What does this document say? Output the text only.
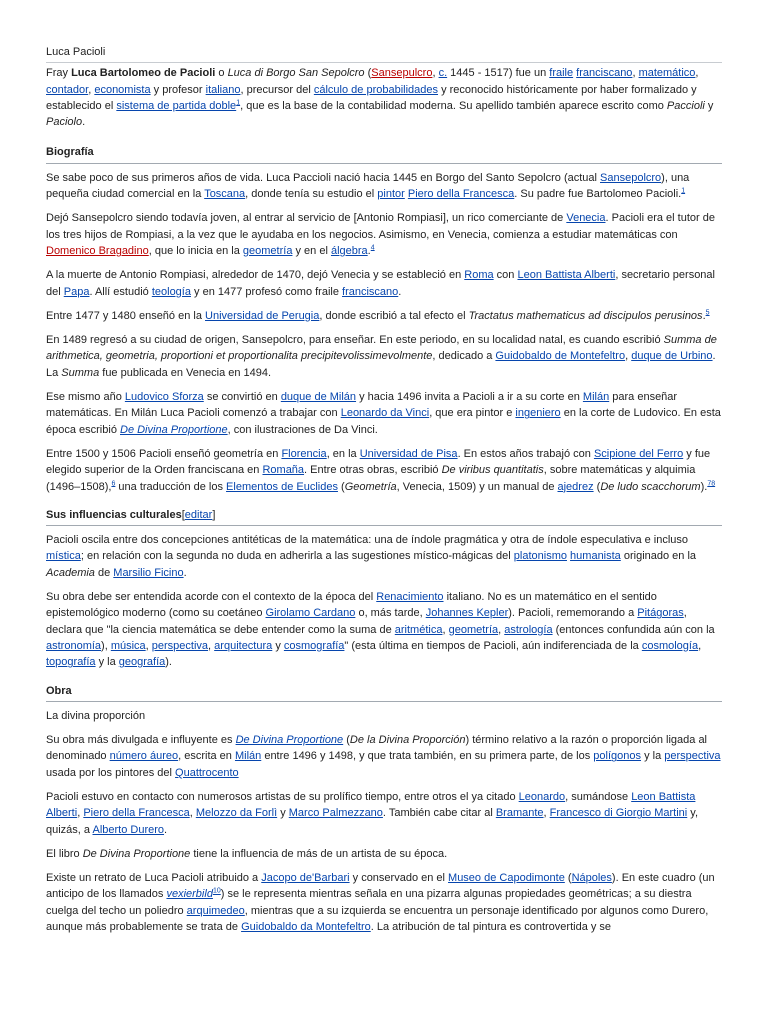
Luca Pacioli

Fray Luca Bartolomeo de Pacioli o Luca di Borgo San Sepolcro (Sansepulcro, c. 1445 - 1517) fue un fraile franciscano, matemático, contador, economista y profesor italiano, precursor del cálculo de probabilidades y reconocido históricamente por haber formalizado y establecido el sistema de partida doble$^1$, que es la base de la contabilidad moderna. Su apellido también aparece escrito como Paccioli y Paciolo.

Biografía

Se sabe poco de sus primeros años de vida. Luca Paccioli nació hacia 1445 en Borgo del Santo Sepolcro (actual Sansepolcro), una pequeña ciudad comercial en la Toscana, donde tenía su estudio el pintor Piero della Francesca. Su padre fue Bartolomeo Pacioli.$^1$

Dejó Sansepolcro siendo todavía joven, al entrar al servicio de [Antonio Rompiasi], un rico comerciante de Venecia. Pacioli era el tutor de los tres hijos de Rompiasi, a la vez que le ayudaba en los negocios. Asimismo, en Venecia, comienza a estudiar matemáticas con Domenico Bragadino, que lo inicia en la geometría y en el álgebra.$^4$

A la muerte de Antonio Rompiasi, alrededor de 1470, dejó Venecia y se estableció en Roma con Leon Battista Alberti, secretario personal del Papa. Allí estudió teología y en 1477 profesó como fraile franciscano.

Entre 1477 y 1480 enseñó en la Universidad de Perugia, donde escribió a tal efecto el Tractatus mathematicus ad discipulos perusinos.$^5$

En 1489 regresó a su ciudad de origen, Sansepolcro, para enseñar. En este periodo, en su localidad natal, es cuando escribió Summa de arithmetica, geometria, proportioni et proportionalita precipitevolissimevolmente, dedicado a Guidobaldo de Montefeltro, duque de Urbino. La Summa fue publicada en Venecia en 1494.

Ese mismo año Ludovico Sforza se convirtió en duque de Milán y hacia 1496 invita a Pacioli a ir a su corte en Milán para enseñar matemáticas. En Milán Luca Pacioli comenzó a trabajar con Leonardo da Vinci, que era pintor e ingeniero en la corte de Ludovico. En esta época escribió De Divina Proportione, con ilustraciones de Da Vinci.

Entre 1500 y 1506 Pacioli enseñó geometría en Florencia, en la Universidad de Pisa. En estos años trabajó con Scipione del Ferro y fue elegido superior de la Orden franciscana en Romaña. Entre otras obras, escribió De viribus quantitatis, sobre matemáticas y alquimia (1496–1508),$^6$ una traducción de los Elementos de Euclides (Geometría, Venecia, 1509) y un manual de ajedrez (De ludo scacchorum).$^{78}$

Sus influencias culturales[editar]

Pacioli oscila entre dos concepciones antitéticas de la matemática: una de índole pragmática y otra de índole especulativa e incluso mística; en relación con la segunda no duda en adherirla a las sugestiones místico-mágicas del platonismo humanista originado en la Academia de Marsilio Ficino.

Su obra debe ser entendida acorde con el contexto de la época del Renacimiento italiano. No es un matemático en el sentido epistemológico moderno (como su coetáneo Girolamo Cardano o, más tarde, Johannes Kepler). Pacioli, rememorando a Pitágoras, declara que "la ciencia matemática se debe entender como la suma de aritmética, geometría, astrología (entonces confundida aún con la astronomía), música, perspectiva, arquitectura y cosmografía" (esta última en tiempos de Pacioli, aún indiferenciada de la cosmología, topografía y la geografía).

Obra
La divina proporción

Su obra más divulgada e influyente es De Divina Proportione (De la Divina Proporción) término relativo a la razón o proporción ligada al denominado número áureo, escrita en Milán entre 1496 y 1498, y que trata también, en su primera parte, de los polígonos y la perspectiva usada por los pintores del Quattrocento

Pacioli estuvo en contacto con numerosos artistas de su prolífico tiempo, entre otros el ya citado Leonardo, sumándose Leon Battista Alberti, Piero della Francesca, Melozzo da Forlì y Marco Palmezzano. También cabe citar al Bramante, Francesco di Giorgio Martini y, quizás, a Alberto Durero.

El libro De Divina Proportione tiene la influencia de más de un artista de su época.

Existe un retrato de Luca Pacioli atribuido a Jacopo de'Barbari y conservado en el Museo de Capodimonte (Nápoles). En este cuadro (un anticipo de los llamados vexierbild$^{10}$) se le representa mientras señala en una pizarra algunas propiedades geométricas; a su diestra cuelga del techo un poliedro arquimedeo, mientras que a su izquierda se encuentra un personaje identificado por algunos como Durero, aunque más probablemente se trata de Guidobaldo da Montefeltro. La atribución de tal pintura es controvertida y se
